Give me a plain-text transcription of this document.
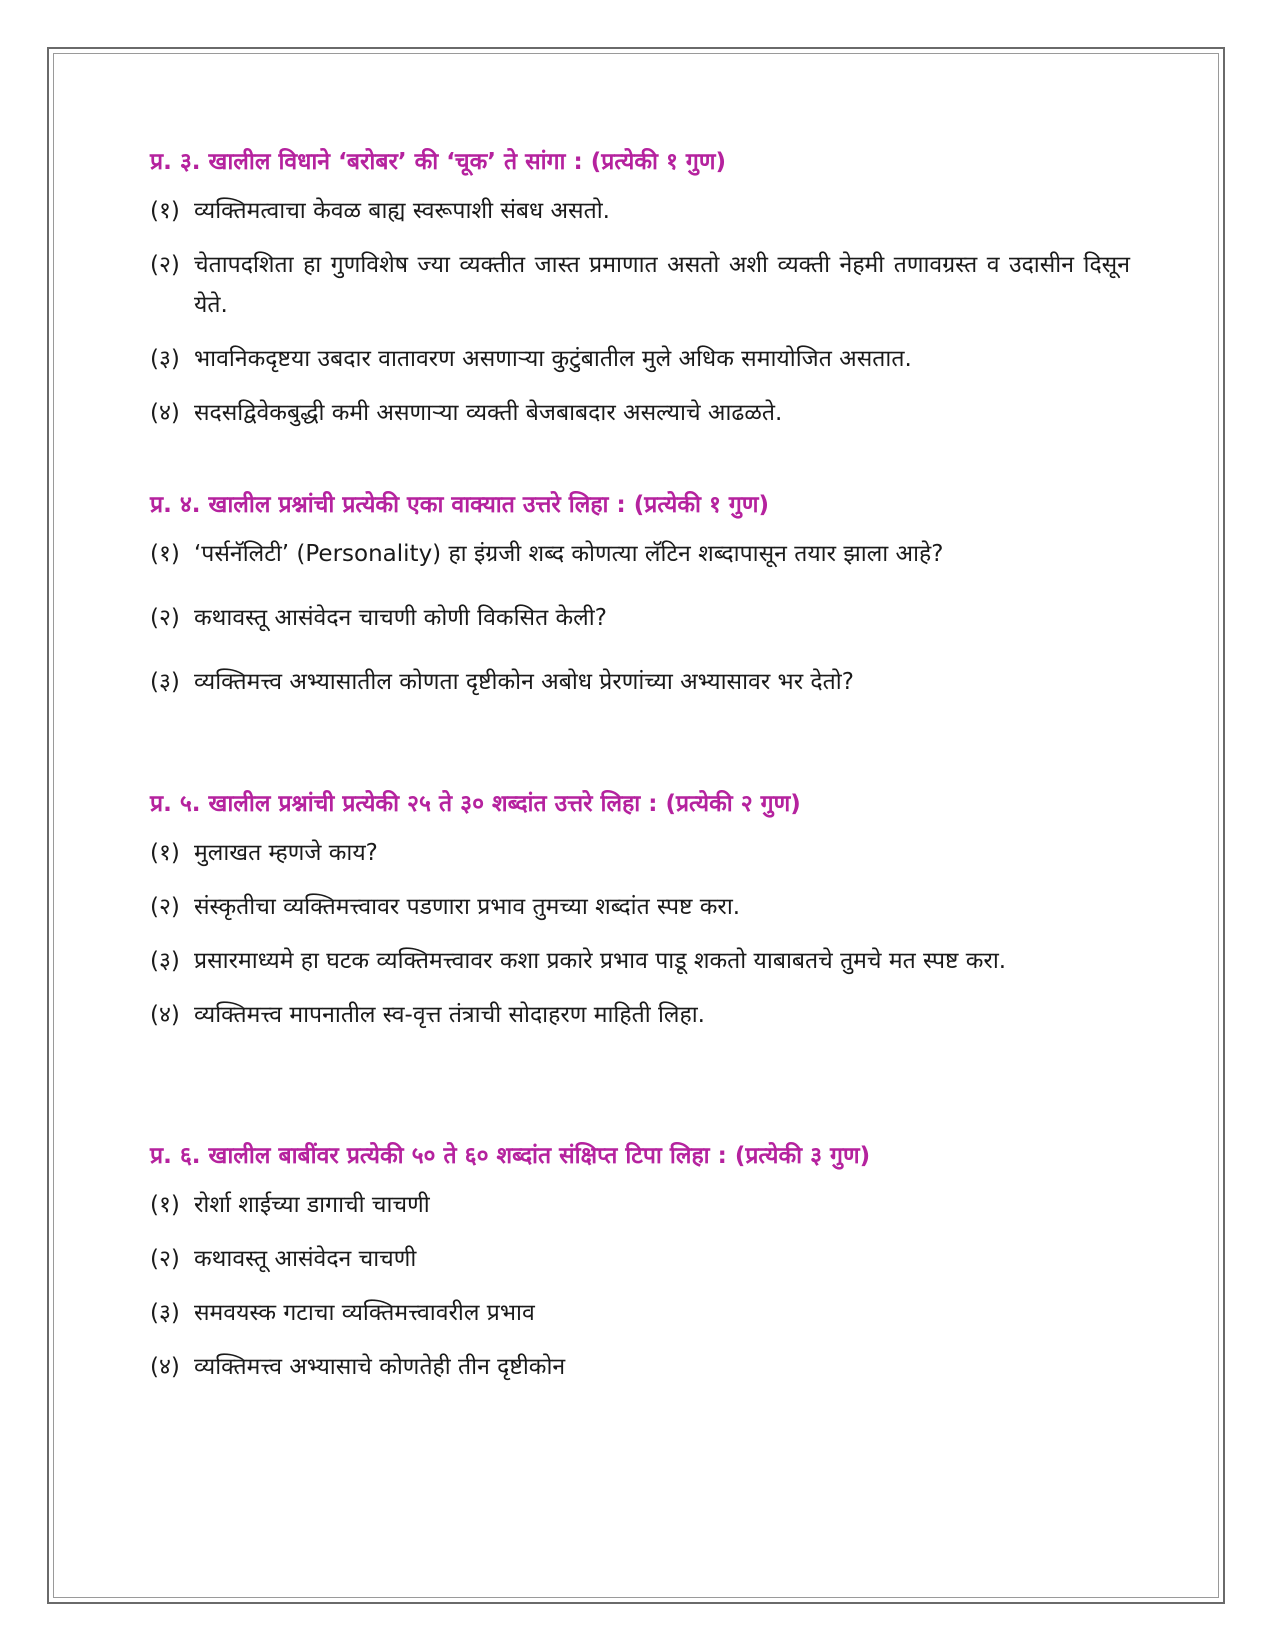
प्र. ३. खालील विधाने ‘बरोबर’ की ‘चूक’ ते सांगा : (प्रत्येकी १ गुण)
(१) व्यक्तिमत्वाचा केवळ बाह्य स्वरूपाशी संबध असतो.
(२) चेतापदशिता हा गुणविशेष ज्या व्यक्तीत जास्त प्रमाणात असतो अशी व्यक्ती नेहमी तणावग्रस्त व उदासीन दिसून येते.
(३) भावनिकदृष्टया उबदार वातावरण असणाऱ्या कुटुंबातील मुले अधिक समायोजित असतात.
(४) सदसद्विवेकबुद्धी कमी असणाऱ्या व्यक्ती बेजबाबदार असल्याचे आढळते.
प्र. ४. खालील प्रश्नांची प्रत्येकी एका वाक्यात उत्तरे लिहा : (प्रत्येकी १ गुण)
(१) ‘पर्सनॅलिटी’ (Personality) हा इंग्रजी शब्द कोणत्या लॅटिन शब्दापासून तयार झाला आहे?
(२) कथावस्तू आसंवेदन चाचणी कोणी विकसित केली?
(३) व्यक्तिमत्त्व अभ्यासातील कोणता दृष्टीकोन अबोध प्रेरणांच्या अभ्यासावर भर देतो?
प्र. ५. खालील प्रश्नांची प्रत्येकी २५ ते ३० शब्दांत उत्तरे लिहा : (प्रत्येकी २ गुण)
(१) मुलाखत म्हणजे काय?
(२) संस्कृतीचा व्यक्तिमत्त्वावर पडणारा प्रभाव तुमच्या शब्दांत स्पष्ट करा.
(३) प्रसारमाध्यमे हा घटक व्यक्तिमत्त्वावर कशा प्रकारे प्रभाव पाडू शकतो याबाबतचे तुमचे मत स्पष्ट करा.
(४) व्यक्तिमत्त्व मापनातील स्व-वृत्त तंत्राची सोदाहरण माहिती लिहा.
प्र. ६. खालील बाबींवर प्रत्येकी ५० ते ६० शब्दांत संक्षिप्त टिपा लिहा : (प्रत्येकी ३ गुण)
(१) रोर्शा शाईच्या डागाची चाचणी
(२) कथावस्तू आसंवेदन चाचणी
(३) समवयस्क गटाचा व्यक्तिमत्त्वावरील प्रभाव
(४) व्यक्तिमत्त्व अभ्यासाचे कोणतेही तीन दृष्टीकोन
